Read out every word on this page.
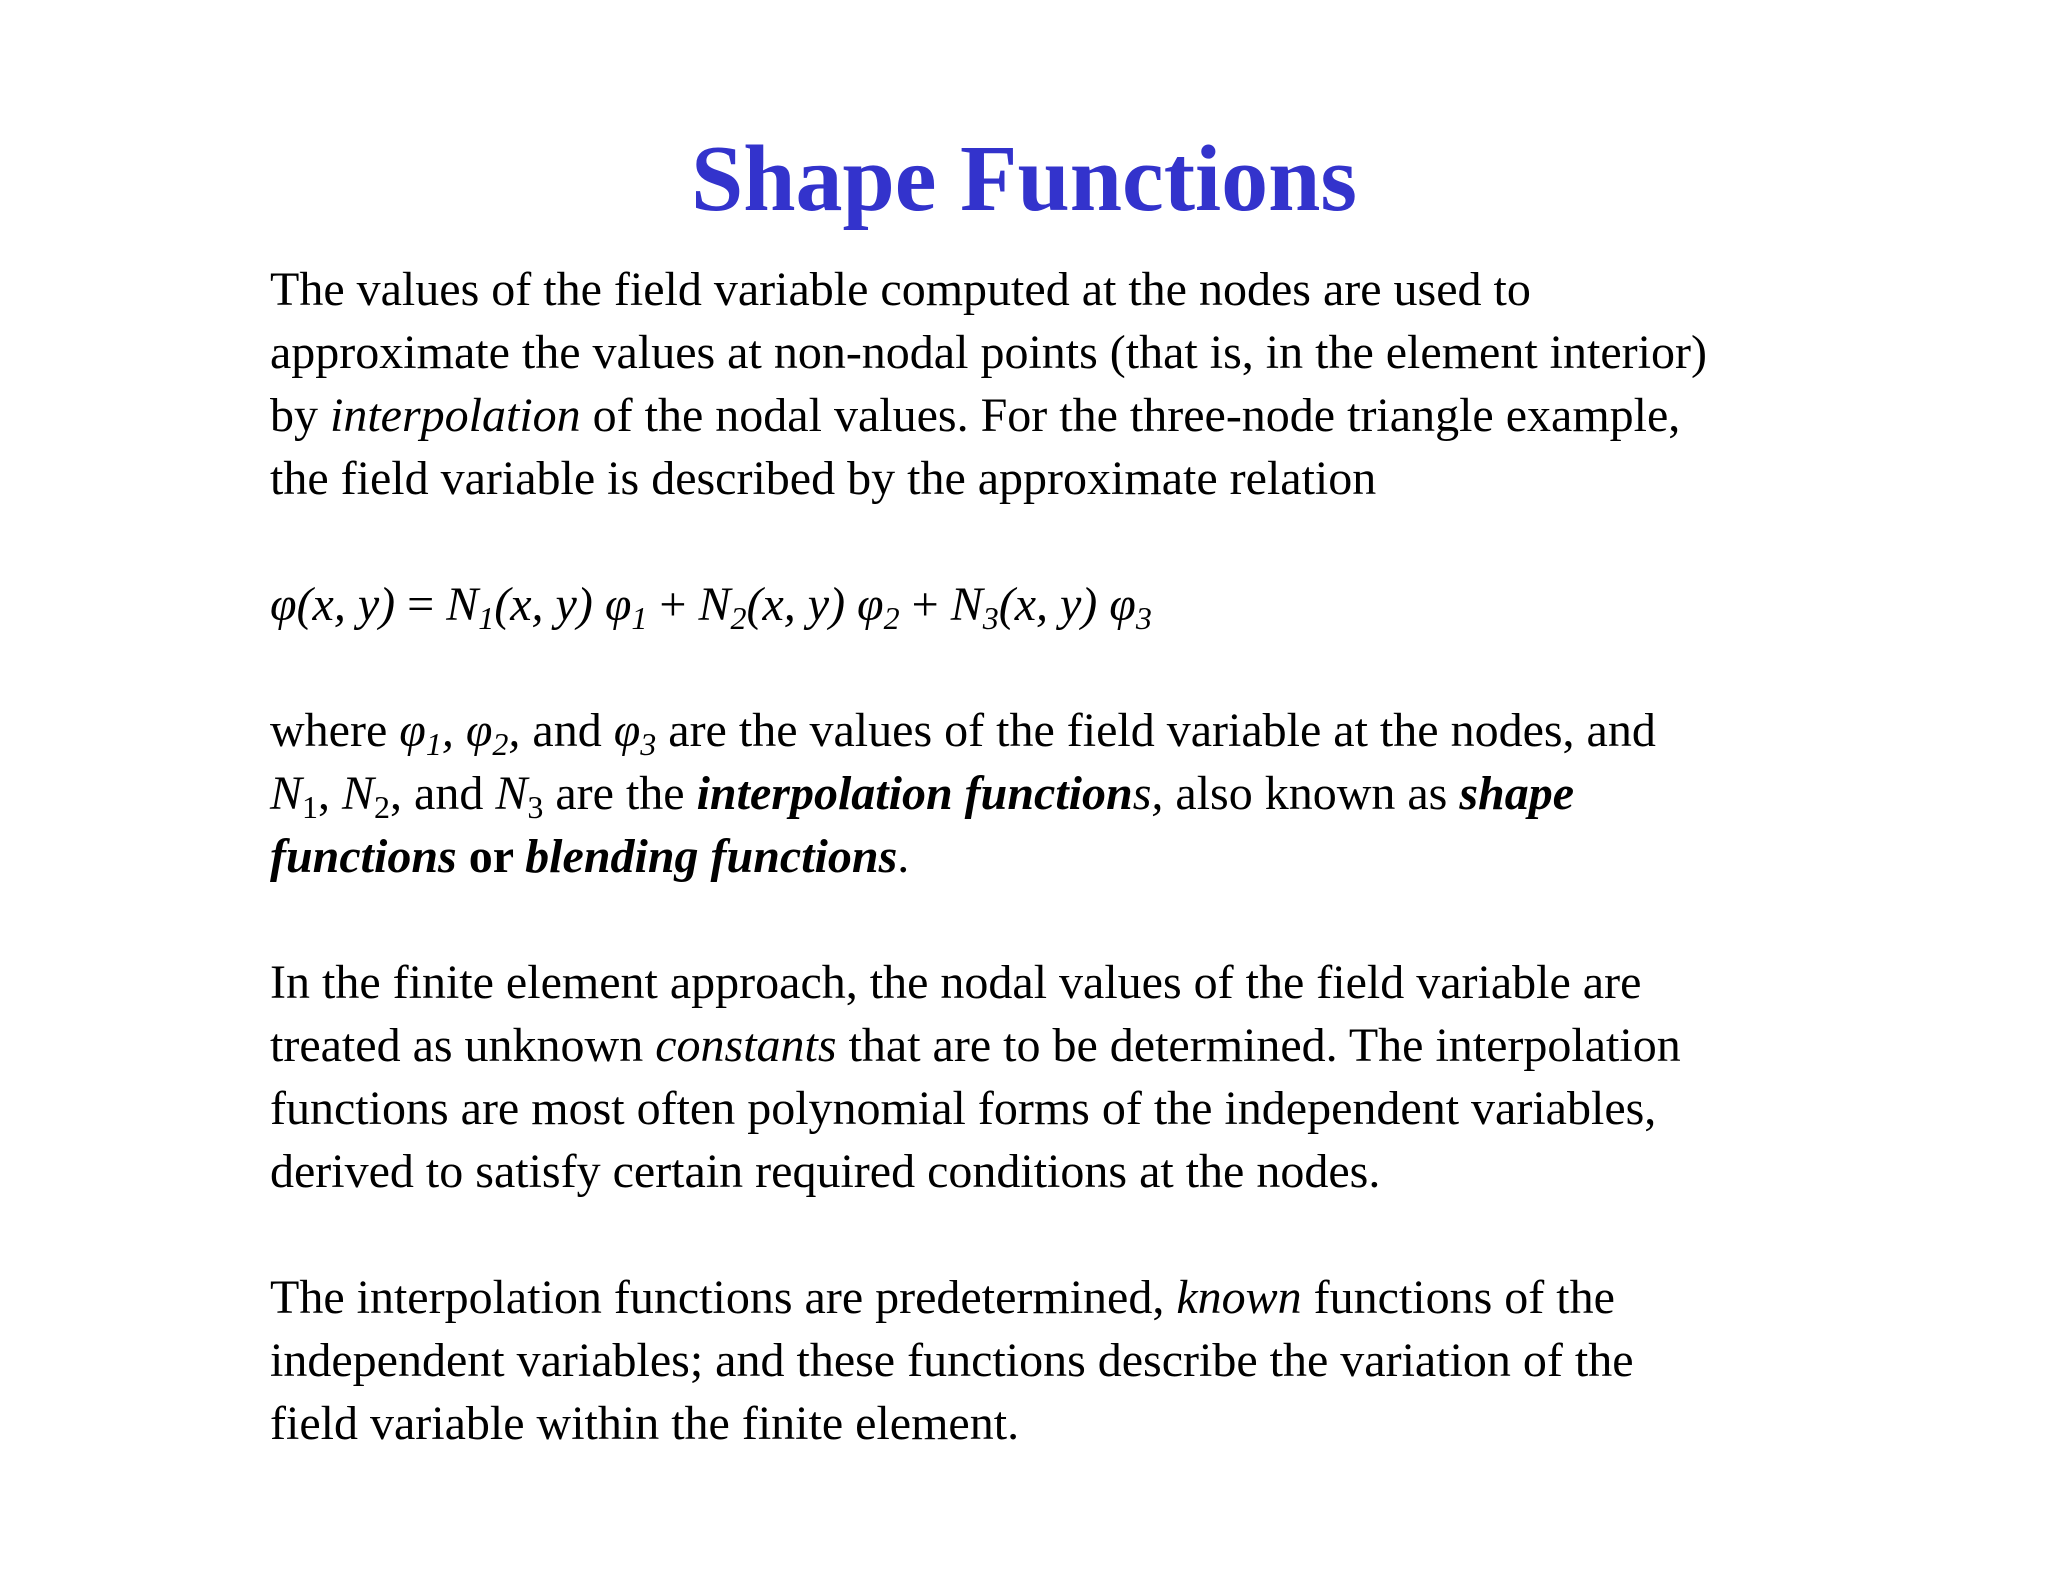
Shape Functions

The values of the field variable computed at the nodes are used to

approximate the values at non-nodal points (that is, in the element interior)

by interpolation of the nodal values. For the three-node triangle example,

the field variable is described by the approximate relation

φ(x, $y) = N_1(x$, y) $\varphi_1 + N_2(x$, y) $\varphi_2 + N_3(x$, y) $\varphi_3$

where $\varphi_1$, $\varphi_2$, and $\varphi_3$ are the values of the field variable at the nodes, and

$N_1$, $N_2$, and $N_3$ are the interpolation functions, also known as shape

functions or blending functions.

In the finite element approach, the nodal values of the field variable are

treated as unknown constants that are to be determined. The interpolation

functions are most often polynomial forms of the independent variables,

derived to satisfy certain required conditions at the nodes.

The interpolation functions are predetermined, known functions of the

independent variables; and these functions describe the variation of the

field variable within the finite element.
